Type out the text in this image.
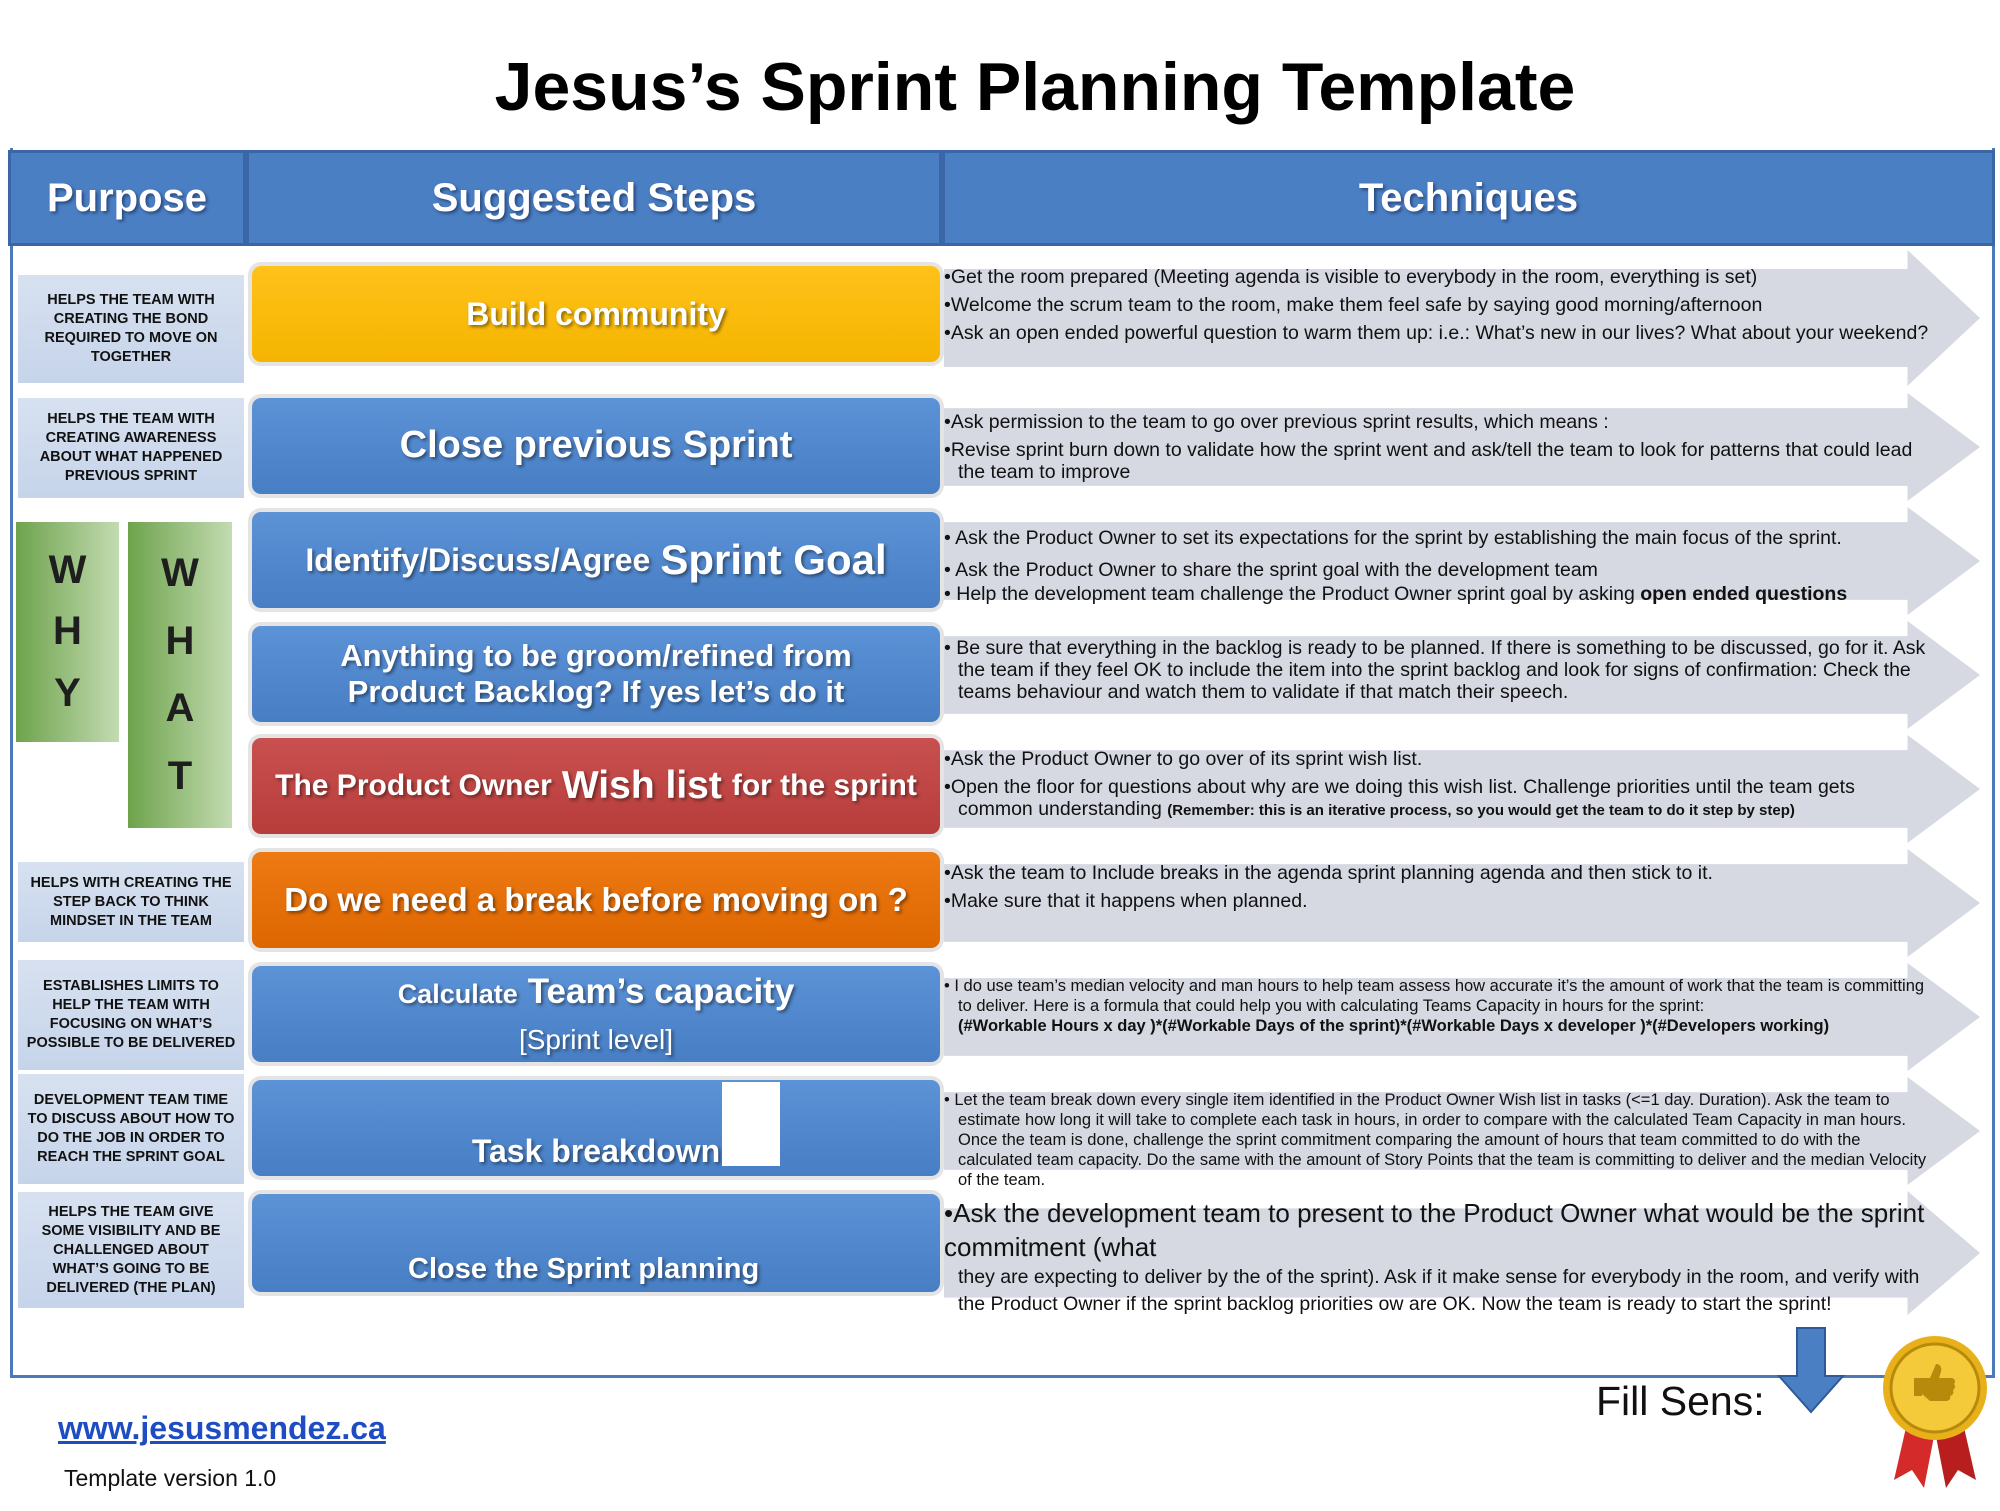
Jesus’s Sprint Planning Template
Purpose	Suggested Steps	Techniques
HELPS THE TEAM WITH CREATING THE BOND REQUIRED TO MOVE ON TOGETHER
HELPS THE TEAM WITH CREATING AWARENESS ABOUT WHAT HAPPENED PREVIOUS SPRINT
HELPS WITH CREATING THE STEP BACK TO THINK MINDSET IN THE TEAM
ESTABLISHES LIMITS TO HELP THE TEAM WITH FOCUSING ON WHAT’S POSSIBLE TO BE DELIVERED
DEVELOPMENT TEAM TIME TO DISCUSS ABOUT HOW TO DO THE JOB IN ORDER TO REACH THE SPRINT GOAL
HELPS THE TEAM GIVE SOME VISIBILITY AND BE CHALLENGED ABOUT WHAT’S GOING TO BE DELIVERED (THE PLAN)
W
H
Y
W
H
A
T
Build community
Close previous Sprint
Identify/Discuss/Agree Sprint Goal
Anything to be groom/refined from Product Backlog? If yes let’s do it
The Product Owner Wish list for the sprint
Do we need a break before moving on ?
Calculate Team’s capacity
[Sprint level]
Task breakdown
Close the Sprint planning

•Get the room prepared (Meeting agenda is visible to everybody in the room, everything is set)

•Welcome the scrum team to the room, make them feel safe by saying good morning/afternoon

•Ask an open ended powerful question to warm them up: i.e.: What’s new in our lives? What about your weekend?

•Ask permission to the team to go over previous sprint results, which means :

•Revise sprint burn down to validate how the sprint went and ask/tell the team to look for patterns that could lead the team to improve

• Ask the Product Owner to set its expectations for the sprint by establishing the main focus of the sprint.

• Ask the Product Owner to share the sprint goal with the development team

• Help the development team challenge the Product Owner sprint goal by asking open ended questions

• Be sure that everything in the backlog is ready to be planned. If there is something to be discussed, go for it. Ask the team if they feel OK to include the item into the sprint backlog and look for signs of confirmation: Check the teams behaviour and watch them to validate if that match their speech.

•Ask the Product Owner to go over of its sprint wish list.

•Open the floor for questions about why are we doing this wish list. Challenge priorities until the team gets common understanding (Remember: this is an iterative process, so you would get the team to do it step by step)

•Ask the team to Include breaks in the agenda sprint planning agenda and then stick to it.

•Make sure that it happens when planned.

• I do use team’s median velocity and man hours to help team assess how accurate it’s the amount of work that the team is committing to deliver. Here is a formula that could help you with calculating Teams Capacity in hours for the sprint:

(#Workable Hours x day )*(#Workable Days of the sprint)*(#Workable Days x developer )*(#Developers working)

• Let the team break down every single item identified in the Product Owner Wish list in tasks (<=1 day. Duration). Ask the team to estimate how long it will take to complete each task in hours, in order to compare with the calculated Team Capacity in man hours. Once the team is done, challenge the sprint commitment comparing the amount of hours that team committed to do with the calculated team capacity. Do the same with the amount of Story Points that the team is committing to deliver and the median Velocity of the team.

•Ask the development team to present to the Product Owner what would be the sprint commitment (what

they are expecting to deliver by the of the sprint). Ask if it make sense for everybody in the room, and verify with the Product Owner if the sprint backlog priorities ow are OK. Now the team is ready to start the sprint!

www.jesusmendez.ca
Template version 1.0
Fill Sens:
